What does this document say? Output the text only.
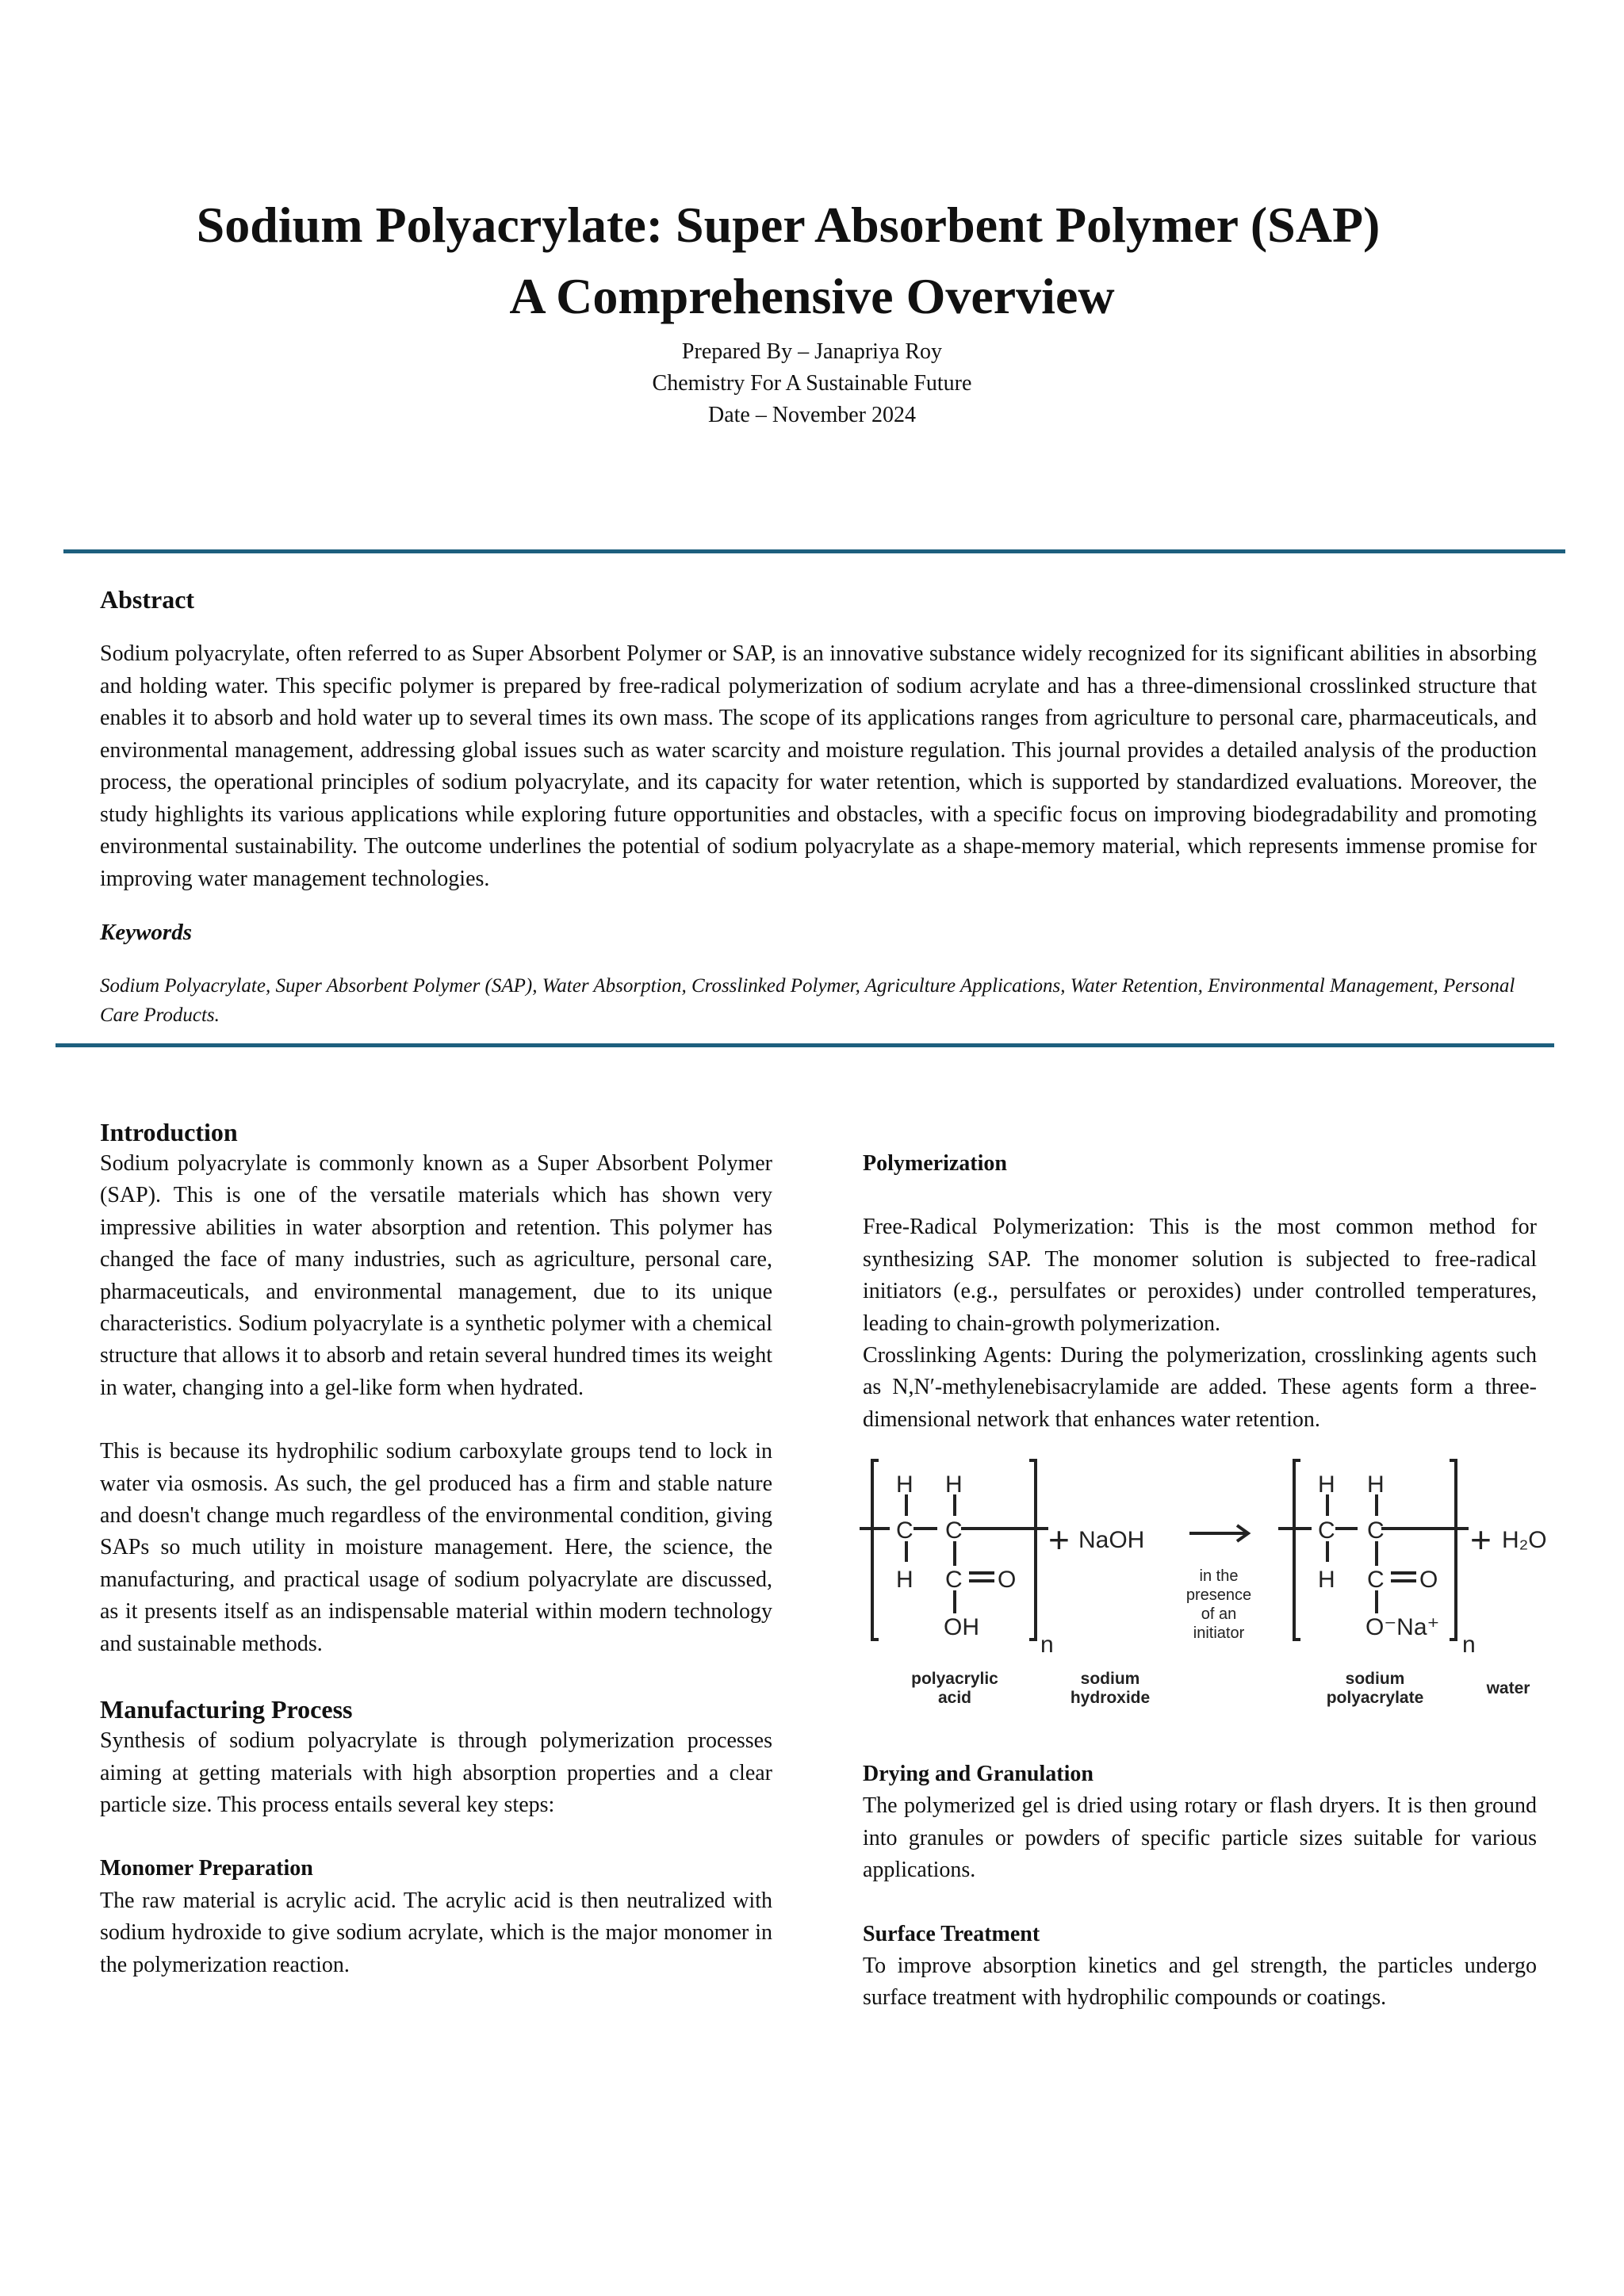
Sodium Polyacrylate: Super Absorbent Polymer (SAP)
A Comprehensive Overview
Prepared By – Janapriya Roy
Chemistry For A Sustainable Future
Date – November 2024
Abstract

Sodium polyacrylate, often referred to as Super Absorbent Polymer or SAP, is an innovative substance widely recognized for its significant abilities in absorbing and holding water. This specific polymer is prepared by free-radical polymerization of sodium acrylate and has a three-dimensional crosslinked structure that enables it to absorb and hold water up to several times its own mass. The scope of its applications ranges from agriculture to personal care, pharmaceuticals, and environmental management, addressing global issues such as water scarcity and moisture regulation. This journal provides a detailed analysis of the production process, the operational principles of sodium polyacrylate, and its capacity for water retention, which is supported by standardized evaluations. Moreover, the study highlights its various applications while exploring future opportunities and obstacles, with a specific focus on improving biodegradability and promoting environmental sustainability. The outcome underlines the potential of sodium polyacrylate as a shape-memory material, which represents immense promise for improving water management technologies.

Keywords
Sodium Polyacrylate, Super Absorbent Polymer (SAP), Water Absorption, Crosslinked Polymer, Agriculture Applications, Water Retention, Environmental Management, Personal Care Products.
Introduction

Sodium polyacrylate is commonly known as a Super Absorbent Polymer (SAP). This is one of the versatile materials which has shown very impressive abilities in water absorption and retention. This polymer has changed the face of many industries, such as agriculture, personal care, pharmaceuticals, and environmental management, due to its unique characteristics. Sodium polyacrylate is a synthetic polymer with a chemical structure that allows it to absorb and retain several hundred times its weight in water, changing into a gel-like form when hydrated.

This is because its hydrophilic sodium carboxylate groups tend to lock in water via osmosis. As such, the gel produced has a firm and stable nature and doesn't change much regardless of the environmental condition, giving SAPs so much utility in moisture management. Here, the science, the manufacturing, and practical usage of sodium polyacrylate are discussed, as it presents itself as an indispensable material within modern technology and sustainable methods.

Manufacturing Process

Synthesis of sodium polyacrylate is through polymerization processes aiming at getting materials with high absorption properties and a clear particle size. This process entails several key steps:

Monomer Preparation

The raw material is acrylic acid. The acrylic acid is then neutralized with sodium hydroxide to give sodium acrylate, which is the major monomer in the polymerization reaction.

Polymerization

Free-Radical Polymerization: This is the most common method for synthesizing SAP. The monomer solution is subjected to free-radical initiators (e.g., persulfates or peroxides) under controlled temperatures, leading to chain-growth polymerization.

Crosslinking Agents: During the polymerization, crosslinking agents such as N,N′-methylenebisacrylamide are added. These agents form a three-dimensional network that enhances water retention.

H H
C C
H C O
OH
n
+ NaOH
in the
presence
of an
initiator
H H
C C
H C O
O⁻Na⁺
n
+ H₂O
polyacrylic
acid
sodium
hydroxide
sodium
polyacrylate
water
Drying and Granulation

The polymerized gel is dried using rotary or flash dryers. It is then ground into granules or powders of specific particle sizes suitable for various applications.

Surface Treatment

To improve absorption kinetics and gel strength, the particles undergo surface treatment with hydrophilic compounds or coatings.
